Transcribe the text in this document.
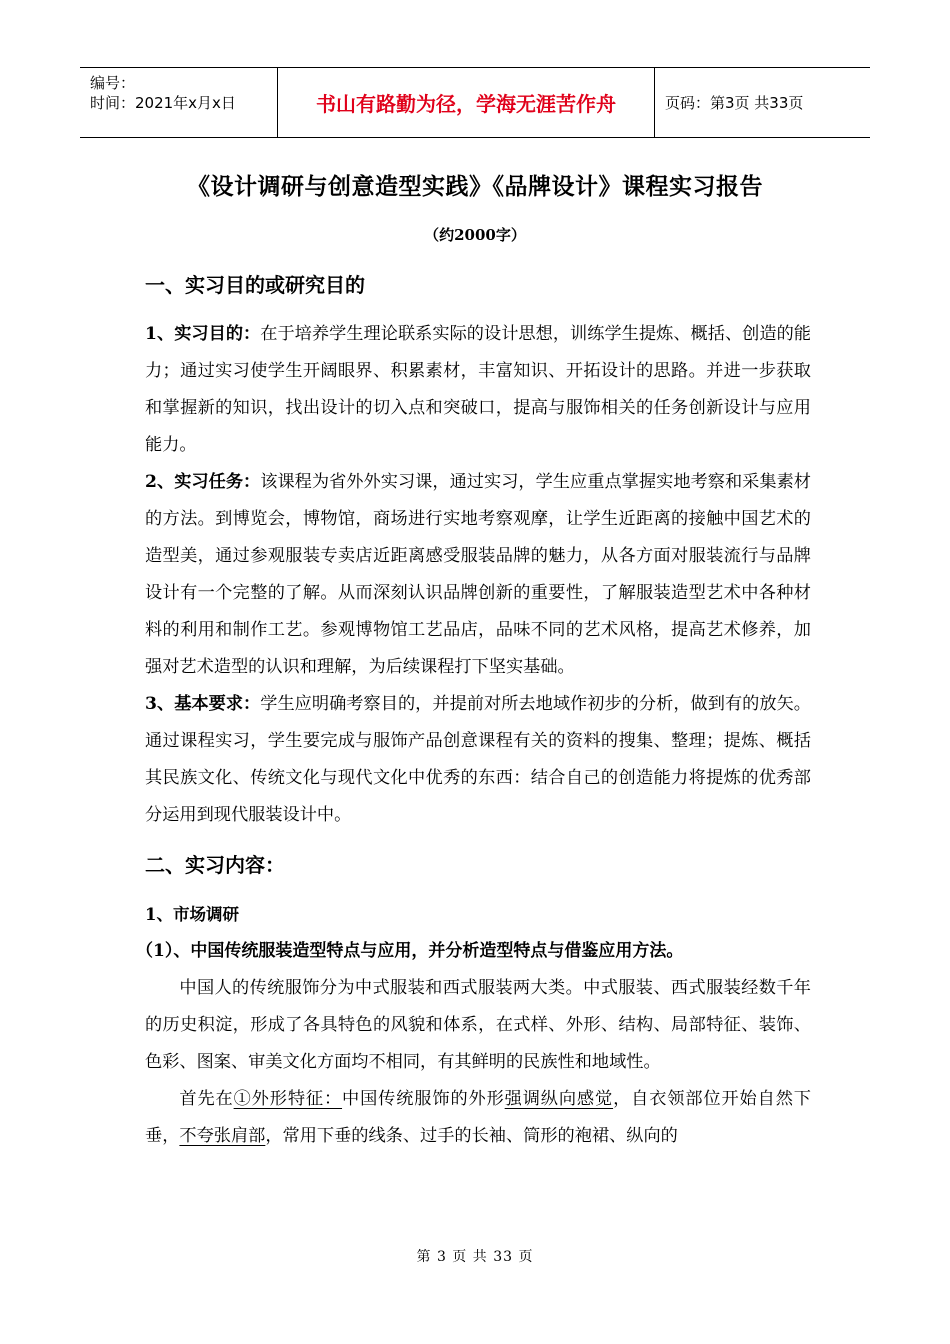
编号：
时间：2021年x月x日	书山有路勤为径，学海无涯苦作舟	页码：第3页 共33页
《设计调研与创意造型实践》《品牌设计》课程实习报告
（约2000字）
一、实习目的或研究目的

1、实习目的：在于培养学生理论联系实际的设计思想，训练学生提炼、概括、创造的能力；通过实习使学生开阔眼界、积累素材，丰富知识、开拓设计的思路。并进一步获取和掌握新的知识，找出设计的切入点和突破口，提高与服饰相关的任务创新设计与应用能力。

2、实习任务：该课程为省外外实习课，通过实习，学生应重点掌握实地考察和采集素材的方法。到博览会，博物馆，商场进行实地考察观摩，让学生近距离的接触中国艺术的造型美，通过参观服装专卖店近距离感受服装品牌的魅力，从各方面对服装流行与品牌设计有一个完整的了解。从而深刻认识品牌创新的重要性，了解服装造型艺术中各种材料的利用和制作工艺。参观博物馆工艺品店，品味不同的艺术风格，提高艺术修养，加强对艺术造型的认识和理解，为后续课程打下坚实基础。

3、基本要求：学生应明确考察目的，并提前对所去地域作初步的分析，做到有的放矢。通过课程实习，学生要完成与服饰产品创意课程有关的资料的搜集、整理；提炼、概括其民族文化、传统文化与现代文化中优秀的东西：结合自己的创造能力将提炼的优秀部分运用到现代服装设计中。

二、实习内容：
1、市场调研
（1）、中国传统服装造型特点与应用，并分析造型特点与借鉴应用方法。

中国人的传统服饰分为中式服装和西式服装两大类。中式服装、西式服装经数千年的历史积淀，形成了各具特色的风貌和体系，在式样、外形、结构、局部特征、装饰、色彩、图案、审美文化方面均不相同，有其鲜明的民族性和地域性。

首先在①外形特征：中国传统服饰的外形强调纵向感觉，自衣领部位开始自然下垂，不夸张肩部，常用下垂的线条、过手的长袖、筒形的袍裙、纵向的

第 3 页 共 33 页
